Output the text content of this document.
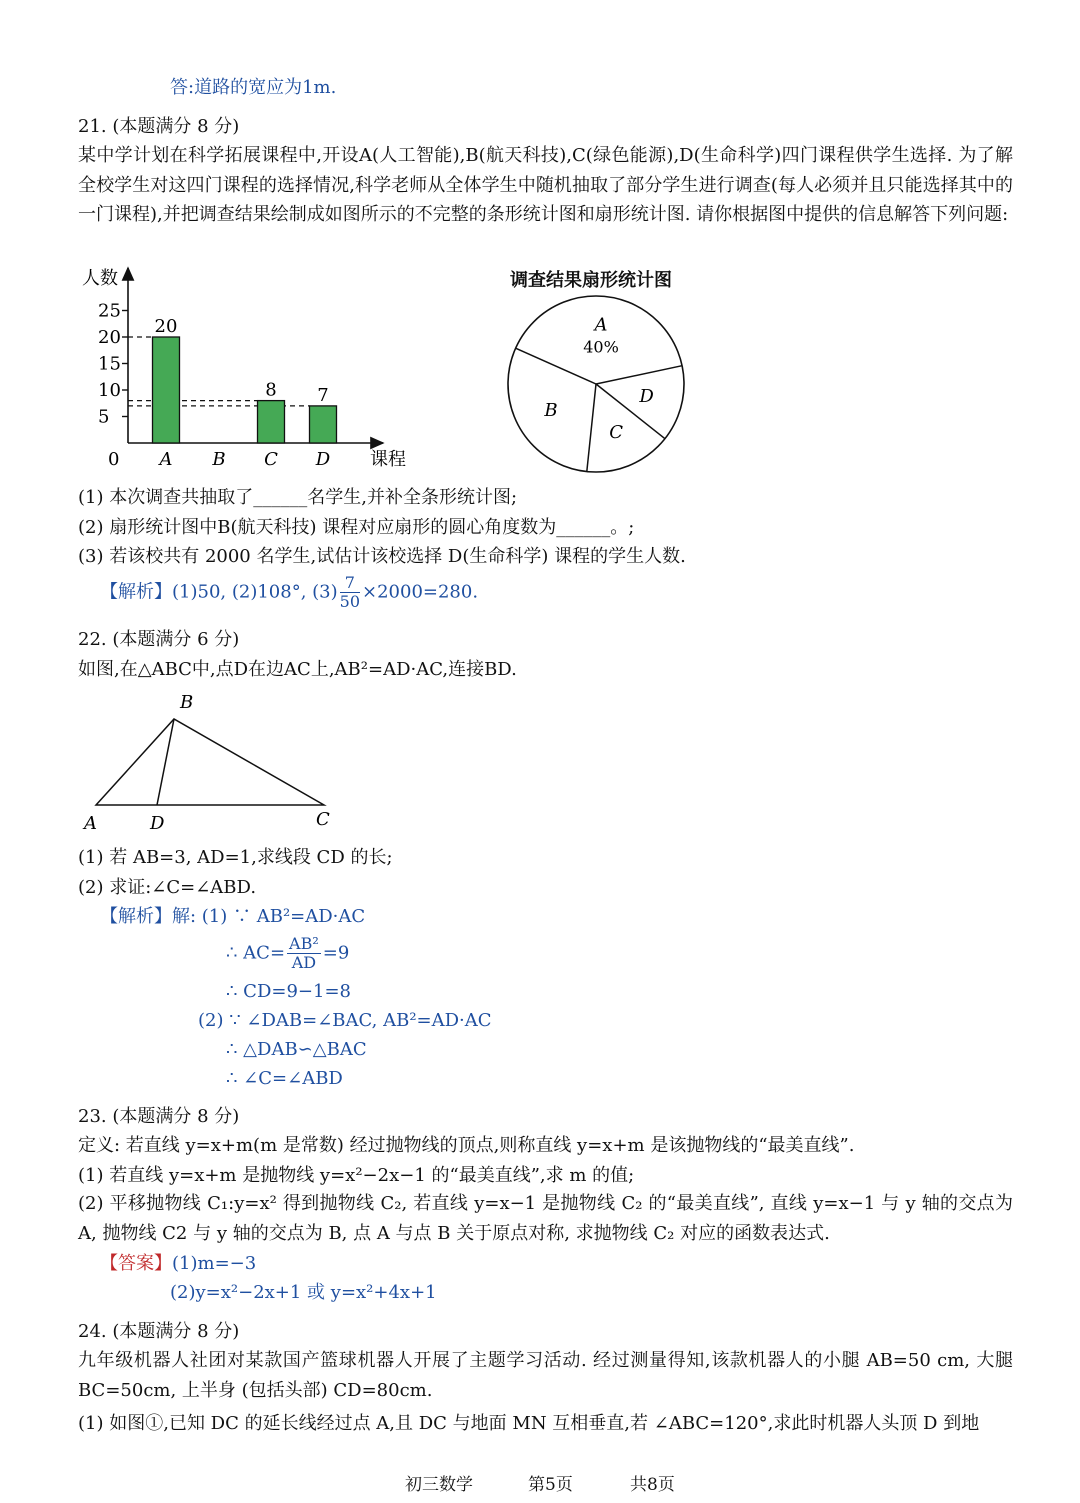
答:道路的宽应为1m.
21. (本题满分 8 分)
某中学计划在科学拓展课程中,开设A(人工智能),B(航天科技),C(绿色能源),D(生命科学)四门课程供学生选择. 为了解全校学生对这四门课程的选择情况,科学老师从全体学生中随机抽取了部分学生进行调查(每人必须并且只能选择其中的一门课程),并把调查结果绘制成如图所示的不完整的条形统计图和扇形统计图. 请你根据图中提供的信息解答下列问题:
人数
0	课程
25
20
15
10
5
20
8 7
A B C D
调查结果扇形统计图
A
40%
D
C
B
(1) 本次调查共抽取了______名学生,并补全条形统计图;
(2) 扇形统计图中B(航天科技) 课程对应扇形的圆心角度数为______。;
(3) 若该校共有 2000 名学生,试估计该校选择 D(生命科学) 课程的学生人数.
【解析】(1)50, (2)108°, $(3) \frac{7}{50} \times 2000=280$.
22. (本题满分 6 分)
如图,在△ABC中,点D在边AC上,AB²=AD·AC,连接BD.
B
A	D	C
(1) 若 AB=3, AD=1,求线段 CD 的长;
(2) 求证:∠C=∠ABD.
【解析】解: (1) ∵ AB²=AD·AC
∴ $AC= \frac{\text{AB²}}{AD} =9$
∴ CD=9−1=8
(2) ∵ ∠DAB=∠BAC, AB²=AD·AC
∴ △DAB∽△BAC
∴ ∠C=∠ABD
23. (本题满分 8 分)
定义: 若直线 y=x+m(m 是常数) 经过抛物线的顶点,则称直线 y=x+m 是该抛物线的“最美直线”.
(1) 若直线 y=x+m 是抛物线 y=x²−2x−1 的“最美直线”,求 m 的值;
(2) 平移抛物线 C₁:y=x² 得到抛物线 C₂, 若直线 y=x−1 是抛物线 C₂ 的“最美直线”, 直线 y=x−1 与 y 轴的交点为 A, 抛物线 C2 与 y 轴的交点为 B, 点 A 与点 B 关于原点对称, 求抛物线 C₂ 对应的函数表达式.
【答案】(1)m=−3
(2)y=x²−2x+1 或 y=x²+4x+1
24. (本题满分 8 分)
九年级机器人社团对某款国产篮球机器人开展了主题学习活动. 经过测量得知,该款机器人的小腿 AB=50 cm, 大腿 BC=50cm, 上半身 (包括头部) CD=80cm.
(1) 如图①,已知 DC 的延长线经过点 A,且 DC 与地面 MN 互相垂直,若 ∠ABC=120°,求此时机器人头顶 D 到地
初三数学	第5页	共8页
